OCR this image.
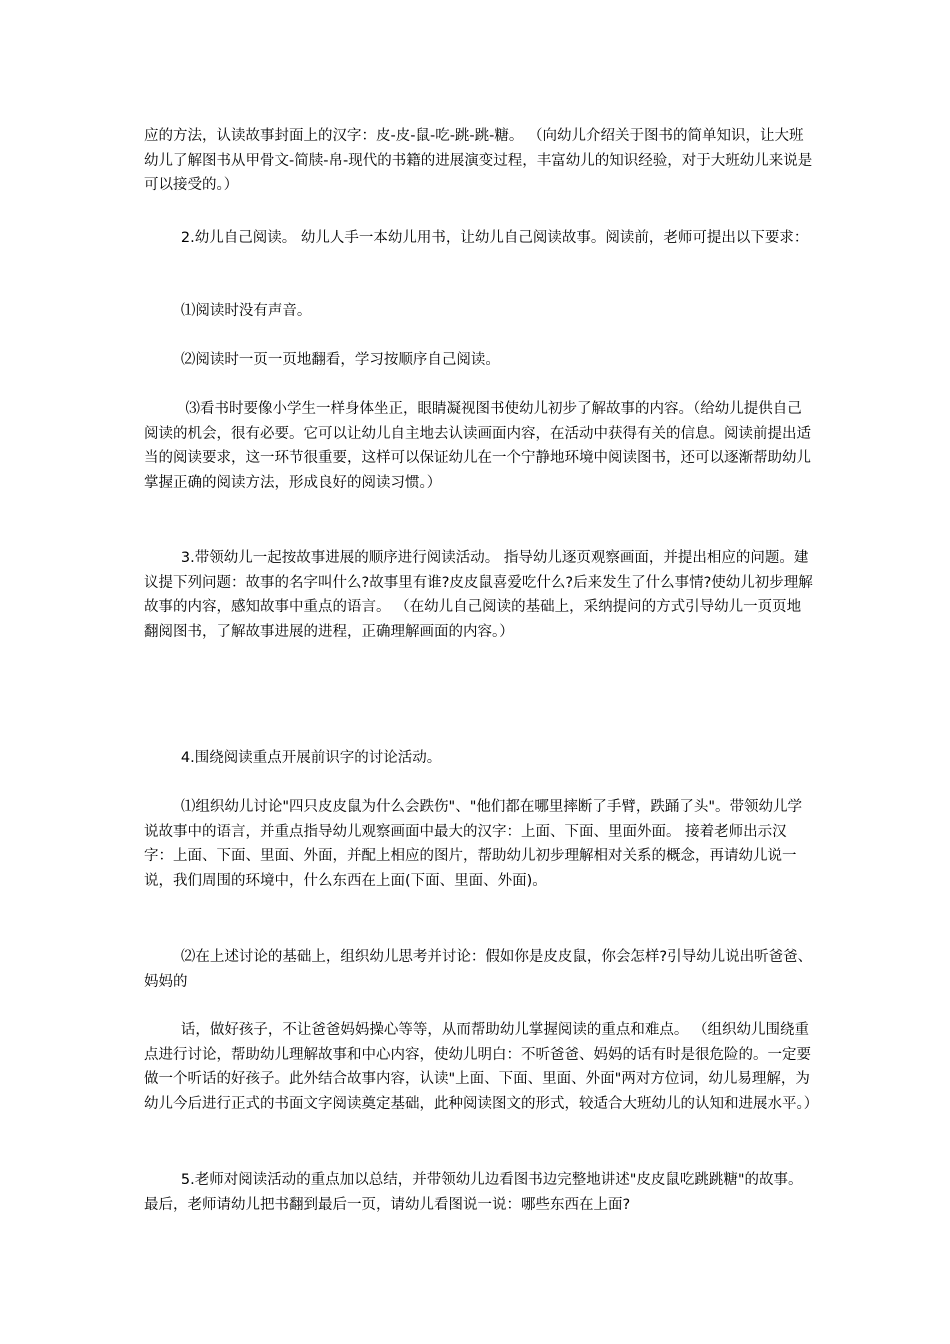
应的方法，认读故事封面上的汉字：皮-皮-鼠-吃-跳-跳-糖。 （向幼儿介绍关于图书的简单知识，让大班幼儿了解图书从甲骨文-简牍-帛-现代的书籍的进展演变过程，丰富幼儿的知识经验，对于大班幼儿来说是可以接受的。）

2.幼儿自己阅读。 幼儿人手一本幼儿用书，让幼儿自己阅读故事。阅读前，老师可提出以下要求：

⑴阅读时没有声音。

⑵阅读时一页一页地翻看，学习按顺序自己阅读。

⑶看书时要像小学生一样身体坐正，眼睛凝视图书使幼儿初步了解故事的内容。（给幼儿提供自己阅读的机会，很有必要。它可以让幼儿自主地去认读画面内容，在活动中获得有关的信息。阅读前提出适当的阅读要求，这一环节很重要，这样可以保证幼儿在一个宁静地环境中阅读图书，还可以逐渐帮助幼儿掌握正确的阅读方法，形成良好的阅读习惯。）

3.带领幼儿一起按故事进展的顺序进行阅读活动。 指导幼儿逐页观察画面，并提出相应的问题。建议提下列问题：故事的名字叫什么?故事里有谁?皮皮鼠喜爱吃什么?后来发生了什么事情?使幼儿初步理解故事的内容，感知故事中重点的语言。 （在幼儿自己阅读的基础上，采纳提问的方式引导幼儿一页页地翻阅图书，了解故事进展的进程，正确理解画面的内容。）

4.围绕阅读重点开展前识字的讨论活动。

⑴组织幼儿讨论"四只皮皮鼠为什么会跌伤"、"他们都在哪里摔断了手臂，跌踊了头"。带领幼儿学说故事中的语言，并重点指导幼儿观察画面中最大的汉字：上面、下面、里面外面。 接着老师出示汉字：上面、下面、里面、外面，并配上相应的图片，帮助幼儿初步理解相对关系的概念，再请幼儿说一说，我们周围的环境中，什么东西在上面(下面、里面、外面)。

⑵在上述讨论的基础上，组织幼儿思考并讨论：假如你是皮皮鼠，你会怎样?引导幼儿说出听爸爸、妈妈的

话，做好孩子，不让爸爸妈妈操心等等，从而帮助幼儿掌握阅读的重点和难点。 （组织幼儿围绕重点进行讨论，帮助幼儿理解故事和中心内容，使幼儿明白：不听爸爸、妈妈的话有时是很危险的。一定要做一个听话的好孩子。此外结合故事内容，认读"上面、下面、里面、外面"两对方位词，幼儿易理解，为幼儿今后进行正式的书面文字阅读奠定基础，此种阅读图文的形式，较适合大班幼儿的认知和进展水平。）

5.老师对阅读活动的重点加以总结，并带领幼儿边看图书边完整地讲述"皮皮鼠吃跳跳糖"的故事。最后，老师请幼儿把书翻到最后一页，请幼儿看图说一说：哪些东西在上面?
